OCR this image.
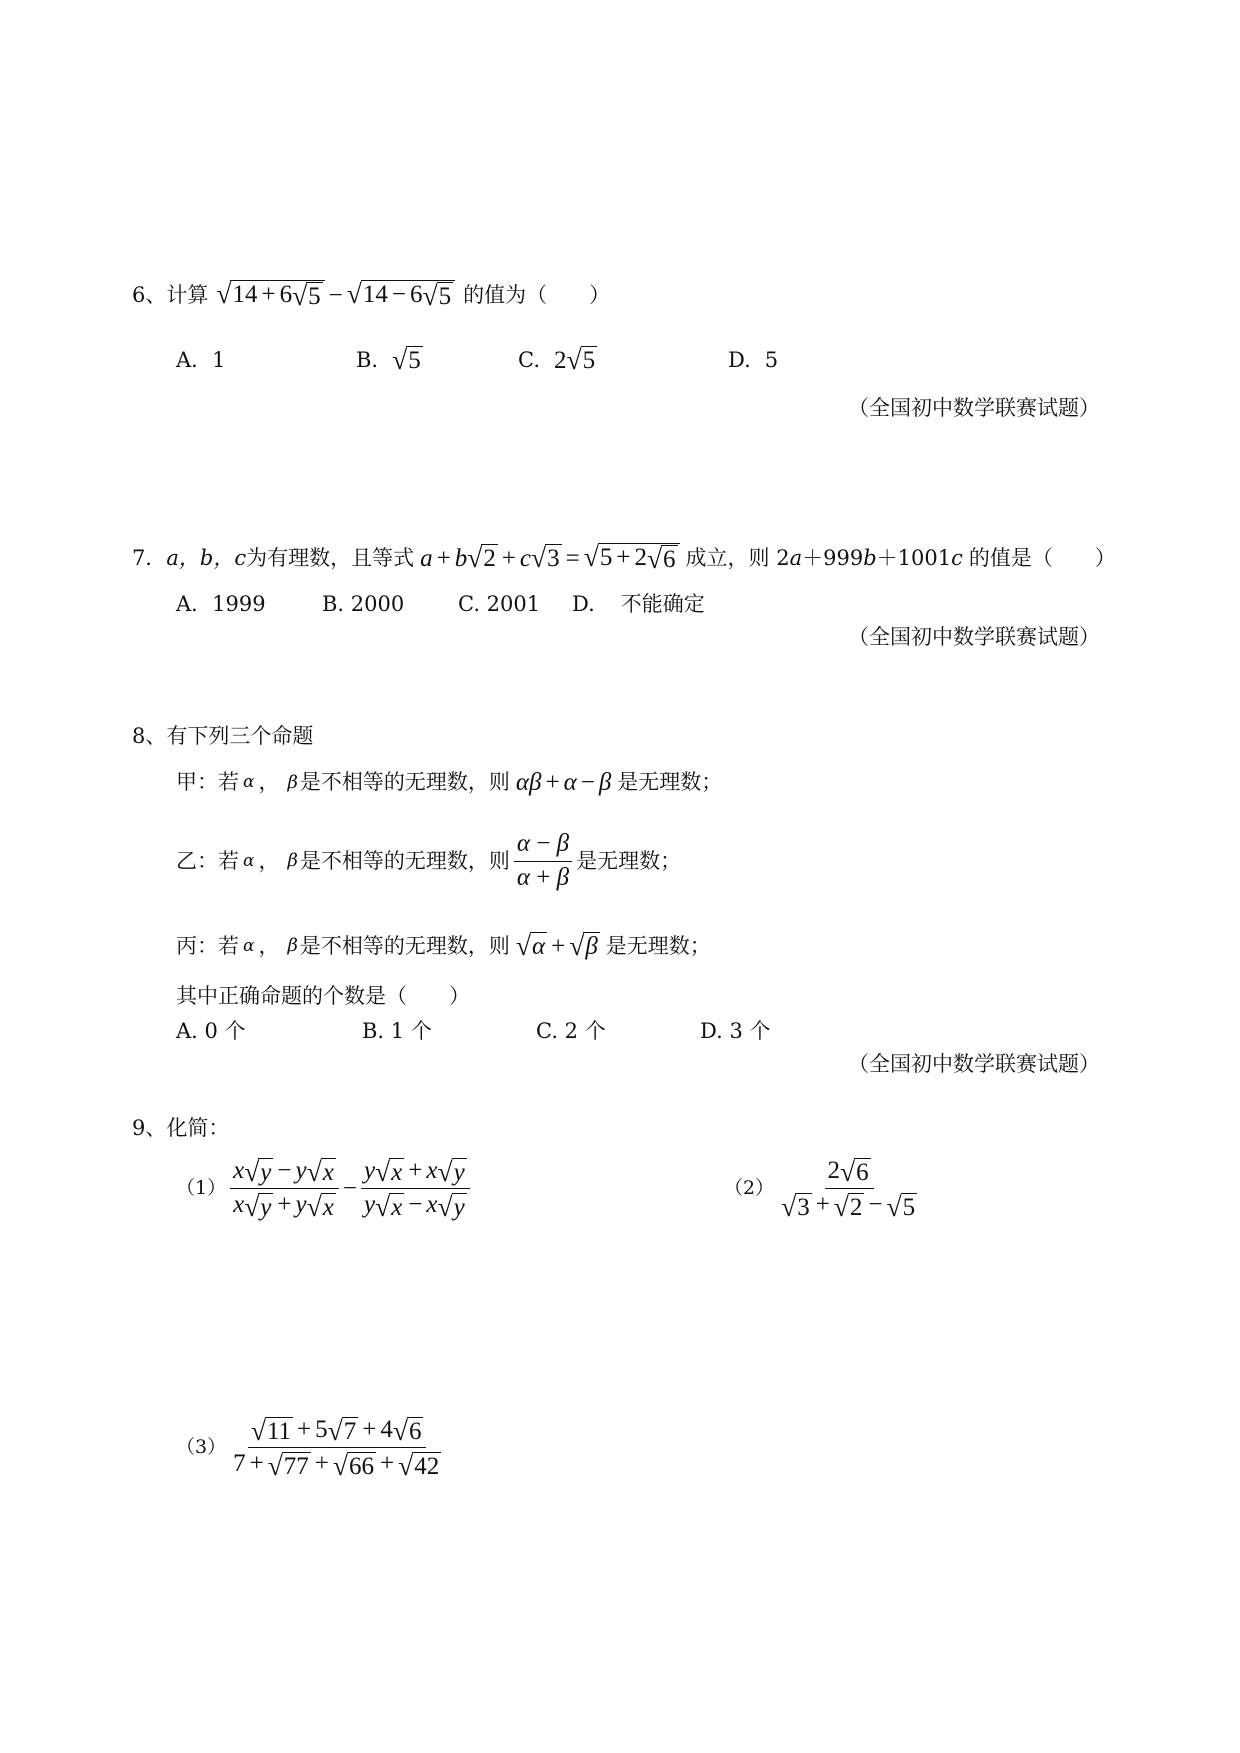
6、计算 √ 14 + 6 √ 5 − √ 14 − 6 √ 5 的值为（　　）
A．1	B. √ 5	C. 2 √ 5	D. 5
（全国初中数学联赛试题）
7． a，b，c 为有理数，且等式 a + b √ 2 + c √ 3 = √ 5 + 2 √ 6 成立，则 2 a ＋999 b ＋1001 c 的值是（　　）
A．1999	B. 2000	C. 2001 D. 不能确定
（全国初中数学联赛试题）
8、有下列三个命题
甲：若 α ， β 是不相等的无理数，则 αβ + α − β 是无理数；
乙：若 α ， β 是不相等的无理数，则 $\frac{\alpha - \beta}{\alpha + \beta}$ 是无理数；
丙：若 α ， β 是不相等的无理数，则 √ α + √ β 是无理数；
其中正确命题的个数是（　　）
A. 0 个	B. 1 个	C. 2 个	D. 3 个
（全国初中数学联赛试题）
9、化简：
$(1) \frac{x √ y - y √ x}{x √ y + y √ x} - \frac{y √ x + x √ y}{y √ x - x √ y}$	$(2) \frac{2 √ 6}{√ 3 + √ 2 - √ 5}$
$(3) \frac{√ 11 + 5 √ 7 + 4 √ 6}{7 + √ 77 + √ 66 + √ 42}$
